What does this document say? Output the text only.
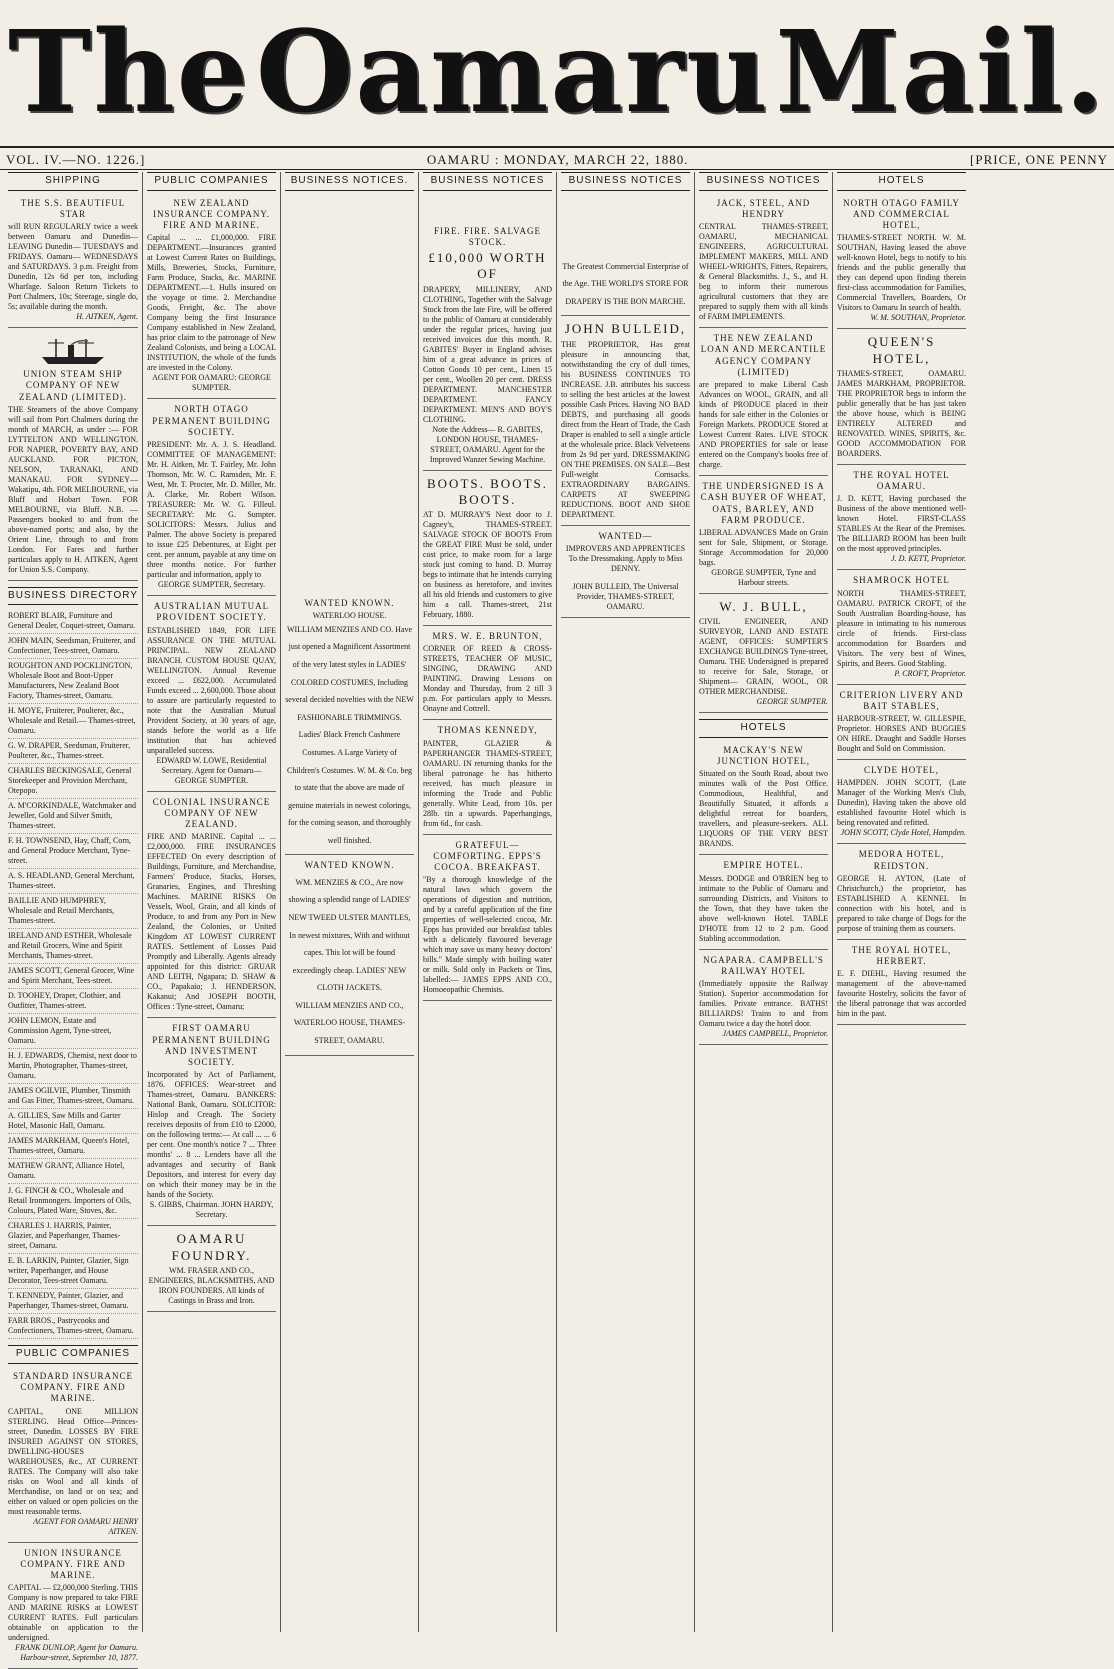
The Oamaru Mail.
VOL. IV.—NO. 1226.]	OAMARU : MONDAY, MARCH 22, 1880.	[PRICE, ONE PENNY
SHIPPING
THE S.S. BEAUTIFUL STAR
will RUN REGULARLY twice a week between Oamaru and Dunedin— LEAVING Dunedin— TUESDAYS and FRIDAYS. Oamaru— WEDNESDAYS and SATURDAYS. 3 p.m. Freight from Dunedin, 12s 6d per ton, including Wharfage. Saloon Return Tickets to Port Chalmers, 10s; Steerage, single do, 5s; available during the month.
H. AITKEN, Agent.
UNION STEAM SHIP COMPANY OF NEW ZEALAND (LIMITED).
THE Steamers of the above Company will sail from Port Chalmers during the month of MARCH, as under :— FOR LYTTELTON AND WELLINGTON. FOR NAPIER, POVERTY BAY, AND AUCKLAND. FOR PICTON, NELSON, TARANAKI, AND MANAKAU. FOR SYDNEY—Wakatipu, 4th. FOR MELBOURNE, via Bluff and Hobart Town. FOR MELBOURNE, via Bluff. N.B. — Passengers booked to and from the above-named ports; and also, by the Orient Line, through to and from London. For Fares and further particulars apply to H. AITKEN, Agent for Union S.S. Company.
BUSINESS DIRECTORY
ROBERT BLAIR, Furniture and General Dealer, Coquet-street, Oamaru.
JOHN MAIN, Seedsman, Fruiterer, and Confectioner, Tees-street, Oamaru.
ROUGHTON AND POCKLINGTON, Wholesale Boot and Boot-Upper Manufacturers, New Zealand Boot Factory, Thames-street, Oamaru.
H. MOYE, Fruiterer, Poulterer, &c., Wholesale and Retail.— Thames-street, Oamaru.
G. W. DRAPER, Seedsman, Fruiterer, Poulterer, &c., Thames-street.
CHARLES BECKINGSALE, General Storekeeper and Provision Merchant, Otepopo.
A. M'CORKINDALE, Watchmaker and Jeweller, Gold and Silver Smith, Thames-street.
F. H. TOWNSEND, Hay, Chaff, Corn, and General Produce Merchant, Tyne-street.
A. S. HEADLAND, General Merchant, Thames-street.
BAILLIE AND HUMPHREY, Wholesale and Retail Merchants, Thames-street.
IRELAND AND ESTHER, Wholesale and Retail Grocers, Wine and Spirit Merchants, Thames-street.
JAMES SCOTT, General Grocer, Wine and Spirit Merchant, Tees-street.
D. TOOHEY, Draper, Clothier, and Outfitter, Thames-street.
JOHN LEMON, Estate and Commission Agent, Tyne-street, Oamaru.
H. J. EDWARDS, Chemist, next door to Martin, Photographer, Thames-street, Oamaru.
JAMES OGILVIE, Plumber, Tinsmith and Gas Fitter, Thames-street, Oamaru.
A. GILLIES, Saw Mills and Garter Hotel, Masonic Hall, Oamaru.
JAMES MARKHAM, Queen's Hotel, Thames-street, Oamaru.
MATHEW GRANT, Alliance Hotel, Oamaru.
J. G. FINCH & CO., Wholesale and Retail Ironmongers. Importers of Oils, Colours, Plated Ware, Stoves, &c.
CHARLES J. HARRIS, Painter, Glazier, and Paperhanger, Thames-street, Oamaru.
E. B. LARKIN, Painter, Glazier, Sign writer, Paperhanger, and House Decorator, Tees-street Oamaru.
T. KENNEDY, Painter, Glazier, and Paperhanger, Thames-street, Oamaru.
FARR BROS., Pastrycooks and Confectioners, Thames-street, Oamaru.
PUBLIC COMPANIES
STANDARD INSURANCE COMPANY. FIRE AND MARINE.
CAPITAL, ONE MILLION STERLING. Head Office—Princes-street, Dunedin. LOSSES BY FIRE INSURED AGAINST ON STORES, DWELLING-HOUSES WAREHOUSES, &c., AT CURRENT RATES. The Company will also take risks on Wool and all kinds of Merchandise, on land or on sea; and either on valued or open policies on the most reasonable terms.
AGENT FOR OAMARU HENRY AITKEN.
UNION INSURANCE COMPANY. FIRE AND MARINE.
CAPITAL — £2,000,000 Sterling. THIS Company is now prepared to take FIRE AND MARINE RISKS at LOWEST CURRENT RATES. Full particulars obtainable on application to the undersigned.
FRANK DUNLOP, Agent for Oamaru. Harbour-street, September 10, 1877.
PUBLIC COMPANIES
NEW ZEALAND INSURANCE COMPANY. FIRE AND MARINE.
Capital ... ... £1,000,000. FIRE DEPARTMENT.—Insurances granted at Lowest Current Rates on Buildings, Mills, Breweries, Stocks, Furniture, Farm Produce, Stacks, &c. MARINE DEPARTMENT.—1. Hulls insured on the voyage or time. 2. Merchandise Goods, Freight, &c. The above Company being the first Insurance Company established in New Zealand, has prior claim to the patronage of New Zealand Colonists, and being a LOCAL INSTITUTION, the whole of the funds are invested in the Colony.
AGENT FOR OAMARU: GEORGE SUMPTER.
NORTH OTAGO PERMANENT BUILDING SOCIETY.
PRESIDENT: Mr. A. J. S. Headland. COMMITTEE OF MANAGEMENT: Mr. H. Aitken, Mr. T. Fairley, Mr. John Thomson, Mr. W. C. Ramsden, Mr. F. West, Mr. T. Procter, Mr. D. Miller, Mr. A. Clarke, Mr. Robert Wilson. TREASURER: Mr. W. G. Filleul. SECRETARY: Mr. G. Sumpter. SOLICITORS: Messrs. Julius and Palmer. The above Society is prepared to issue £25 Debentures, at Eight per cent. per annum, payable at any time on three months notice. For further particular and information, apply to
GEORGE SUMPTER, Secretary.
AUSTRALIAN MUTUAL PROVIDENT SOCIETY.
ESTABLISHED 1849, FOR LIFE ASSURANCE ON THE MUTUAL PRINCIPAL. NEW ZEALAND BRANCH. CUSTOM HOUSE QUAY, WELLINGTON. Annual Revenue exceed ... £622,000. Accumulated Funds exceed ... 2,600,000. Those about to assure are particularly requested to note that the Australian Mutual Provident Society, at 30 years of age, stands before the world as a life institution that has achieved unparalleled success.
EDWARD W. LOWE, Residential Secretary. Agent for Oamaru— GEORGE SUMPTER.
COLONIAL INSURANCE COMPANY OF NEW ZEALAND.
FIRE AND MARINE. Capital ... ... £2,000,000. FIRE INSURANCES EFFECTED On every description of Buildings, Furniture, and Merchandise, Farmers' Produce, Stacks, Horses, Granaries, Engines, and Threshing Machines. MARINE RISKS On Vessels, Wool, Grain, and all kinds of Produce, to and from any Port in New Zealand, the Colonies, or United Kingdom AT LOWEST CURRENT RATES. Settlement of Losses Paid Promptly and Liberally. Agents already appointed for this district: GRUAR AND LEITH, Ngapara; D. SHAW & CO., Papakaio; J. HENDERSON, Kakanui; And JOSEPH BOOTH, Offices : Tyne-street, Oamaru;
FIRST OAMARU PERMANENT BUILDING AND INVESTMENT SOCIETY.
Incorporated by Act of Parliament, 1876. OFFICES: Wear-street and Thames-street, Oamaru. BANKERS: National Bank, Oamaru. SOLICITOR: Hislop and Creagh. The Society receives deposits of from £10 to £2000, on the following terms:— At call ... ... 6 per cent. One month's notice 7 ... Three months' ... 8 ... Lenders have all the advantages and security of Bank Depositors, and interest for every day on which their money may be in the hands of the Society.
S. GIBBS, Chairman. JOHN HARDY, Secretary.
OAMARU FOUNDRY.
WM. FRASER AND CO., ENGINEERS, BLACKSMITHS, AND IRON FOUNDERS. All kinds of Castings in Brass and Iron.
BUSINESS NOTICES.
WANTED KNOWN.
WATERLOO HOUSE.
WILLIAM MENZIES AND CO. Have just opened a Magnificent Assortment of the very latest styles in LADIES' COLORED COSTUMES, Including several decided novelties with the NEW FASHIONABLE TRIMMINGS. Ladies' Black French Cashmere Costumes. A Large Variety of Children's Costumes. W. M. & Co. beg to state that the above are made of genuine materials in newest colorings, for the coming season, and thoroughly well finished.
WANTED KNOWN.
WM. MENZIES & CO., Are now showing a splendid range of LADIES' NEW TWEED ULSTER MANTLES, In newest mixtures, With and without capes. This lot will be found exceedingly cheap. LADIES' NEW CLOTH JACKETS.
WILLIAM MENZIES AND CO., WATERLOO HOUSE, THAMES-STREET, OAMARU.
BUSINESS NOTICES
FIRE. FIRE. SALVAGE STOCK.
£10,000 WORTH OF
DRAPERY, MILLINERY, AND CLOTHING, Together with the Salvage Stock from the late Fire, will be offered to the public of Oamaru at considerably under the regular prices, having just received invoices due this month. R. GABITES' Buyer in England advises him of a great advance in prices of Cotton Goods 10 per cent., Linen 15 per cent., Woollen 20 per cent. DRESS DEPARTMENT. MANCHESTER DEPARTMENT. FANCY DEPARTMENT. MEN'S AND BOY'S CLOTHING.
Note the Address— R. GABITES, LONDON HOUSE, THAMES-STREET, OAMARU. Agent for the Improved Wanzer Sewing Machine.
BOOTS. BOOTS. BOOTS.
AT D. MURRAY'S Next door to J. Cagney's, THAMES-STREET. SALVAGE STOCK OF BOOTS From the GREAT FIRE Must be sold, under cost price, to make room for a large stock just coming to hand. D. Murray begs to intimate that he intends carrying on business as heretofore, and invites all his old friends and customers to give him a call. Thames-street, 21st February, 1880.
MRS. W. E. BRUNTON,
CORNER OF REED & CROSS-STREETS, TEACHER OF MUSIC, SINGING, DRAWING AND PAINTING. Drawing Lessons on Monday and Thursday, from 2 till 3 p.m. For particulars apply to Messrs. Onayne and Cottrell.
THOMAS KENNEDY,
PAINTER, GLAZIER & PAPERHANGER THAMES-STREET, OAMARU. IN returning thanks for the liberal patronage he has hitherto received, has much pleasure in informing the Trade and Public generally. White Lead, from 10s. per 28lb. tin a upwards. Paperhangings, from 6d., for cash.
GRATEFUL—COMFORTING. EPPS'S COCOA. BREAKFAST.
"By a thorough knowledge of the natural laws which govern the operations of digestion and nutrition, and by a careful application of the fine properties of well-selected cocoa, Mr. Epps has provided our breakfast tables with a delicately flavoured beverage which may save us many heavy doctors' bills." Made simply with boiling water or milk. Sold only in Packets or Tins, labelled:— JAMES EPPS AND CO., Homoeopathic Chemists.
BUSINESS NOTICES
The Greatest Commercial Enterprise of the Age. THE WORLD'S STORE FOR DRAPERY IS THE BON MARCHE.
JOHN BULLEID,
THE PROPRIETOR, Has great pleasure in announcing that, notwithstanding the cry of dull times, his BUSINESS CONTINUES TO INCREASE. J.B. attributes his success to selling the best articles at the lowest possible Cash Prices. Having NO BAD DEBTS, and purchasing all goods direct from the Heart of Trade, the Cash Draper is enabled to sell a single article at the wholesale price. Black Velveteens from 2s 9d per yard. DRESSMAKING ON THE PREMISES. ON SALE—Best Full-weight Cornsacks. EXTRAORDINARY BARGAINS. CARPETS AT SWEEPING REDUCTIONS. BOOT AND SHOE DEPARTMENT.
WANTED—
IMPROVERS AND APPRENTICES To the Dressmaking. Apply to Miss DENNY.
JOHN BULLEID, The Universal Provider, THAMES-STREET, OAMARU.
BUSINESS NOTICES
JACK, STEEL, AND HENDRY
CENTRAL THAMES-STREET, OAMARU, MECHANICAL ENGINEERS, AGRICULTURAL IMPLEMENT MAKERS, MILL AND WHEEL-WRIGHTS, Fitters, Repairers, & General Blacksmiths. J., S., and H. beg to inform their numerous agricultural customers that they are prepared to supply them with all kinds of FARM IMPLEMENTS.
THE NEW ZEALAND LOAN AND MERCANTILE AGENCY COMPANY (LIMITED)
are prepared to make Liberal Cash Advances on WOOL, GRAIN, and all kinds of PRODUCE placed in their hands for sale either in the Colonies or Foreign Markets. PRODUCE Stored at Lowest Current Rates. LIVE STOCK AND PROPERTIES for sale or lease entered on the Company's books free of charge.
THE UNDERSIGNED IS A CASH BUYER OF WHEAT, OATS, BARLEY, AND FARM PRODUCE.
LIBERAL ADVANCES Made on Grain sent for Sale, Shipment, or Storage. Storage Accommodation for 20,000 bags.
GEORGE SUMPTER, Tyne and Harbour streets.
W. J. BULL,
CIVIL ENGINEER, AND SURVEYOR, LAND AND ESTATE AGENT, OFFICES: SUMPTER'S EXCHANGE BUILDINGS Tyne-street, Oamaru. THE Undersigned is prepared to receive for Sale, Storage, or Shipment— GRAIN, WOOL, OR OTHER MERCHANDISE.
GEORGE SUMPTER.
HOTELS
MACKAY'S NEW JUNCTION HOTEL,
Situated on the South Road, about two minutes walk of the Post Office. Commodious, Healthful, and Beautifully Situated, it affords a delightful retreat for boarders, travellers, and pleasure-seekers. ALL LIQUORS OF THE VERY BEST BRANDS.
EMPIRE HOTEL.
Messrs. DODGE and O'BRIEN beg to intimate to the Public of Oamaru and surrounding Districts, and Visitors to the Town, that they have taken the above well-known Hotel. TABLE D'HOTE from 12 to 2 p.m. Good Stabling accommodation.
NGAPARA. CAMPBELL'S RAILWAY HOTEL
(Immediately opposite the Railway Station). Superior accommodation for families. Private entrance. BATHS! BILLIARDS! Trains to and from Oamaru twice a day the hotel door.
JAMES CAMPBELL, Proprietor.
HOTELS
NORTH OTAGO FAMILY AND COMMERCIAL HOTEL,
THAMES-STREET NORTH. W. M. SOUTHAN, Having leased the above well-known Hotel, begs to notify to his friends and the public generally that they can depend upon finding therein first-class accommodation for Families, Commercial Travellers, Boarders, Or Visitors to Oamaru In search of health.
W. M. SOUTHAN, Proprietor.
QUEEN'S HOTEL,
THAMES-STREET, OAMARU. JAMES MARKHAM, PROPRIETOR. THE PROPRIETOR begs to inform the public generally that he has just taken the above house, which is BEING ENTIRELY ALTERED and RENOVATED. WINES, SPIRITS, &c. GOOD ACCOMMODATION FOR BOARDERS.
THE ROYAL HOTEL OAMARU.
J. D. KETT, Having purchased the Business of the above mentioned well-known Hotel. FIRST-CLASS STABLES At the Rear of the Premises. The BILLIARD ROOM has been built on the most approved principles.
J. D. KETT, Proprietor.
SHAMROCK HOTEL
NORTH THAMES-STREET, OAMARU. PATRICK CROFT, of the South Australian Boarding-house, has pleasure in intimating to his numerous circle of friends. First-class accommodation for Boarders and Visitors. The very best of Wines, Spirits, and Beers. Good Stabling.
P. CROFT, Proprietor.
CRITERION LIVERY AND BAIT STABLES,
HARBOUR-STREET, W. GILLESPIE, Proprietor. HORSES AND BUGGIES ON HIRE. Draught and Saddle Horses Bought and Sold on Commission.
CLYDE HOTEL,
HAMPDEN. JOHN SCOTT, (Late Manager of the Working Men's Club, Dunedin), Having taken the above old established favourite Hotel which is being renovated and refitted.
JOHN SCOTT, Clyde Hotel, Hampden.
MEDORA HOTEL, REIDSTON.
GEORGE H. AYTON, (Late of Christchurch,) the proprietor, has ESTABLISHED A KENNEL In connection with his hotel, and is prepared to take charge of Dogs for the purpose of training them as coursers.
THE ROYAL HOTEL, HERBERT.
E. F. DIEHL, Having resumed the management of the above-named favourite Hostelry, solicits the favor of the liberal patronage that was accorded him in the past.
